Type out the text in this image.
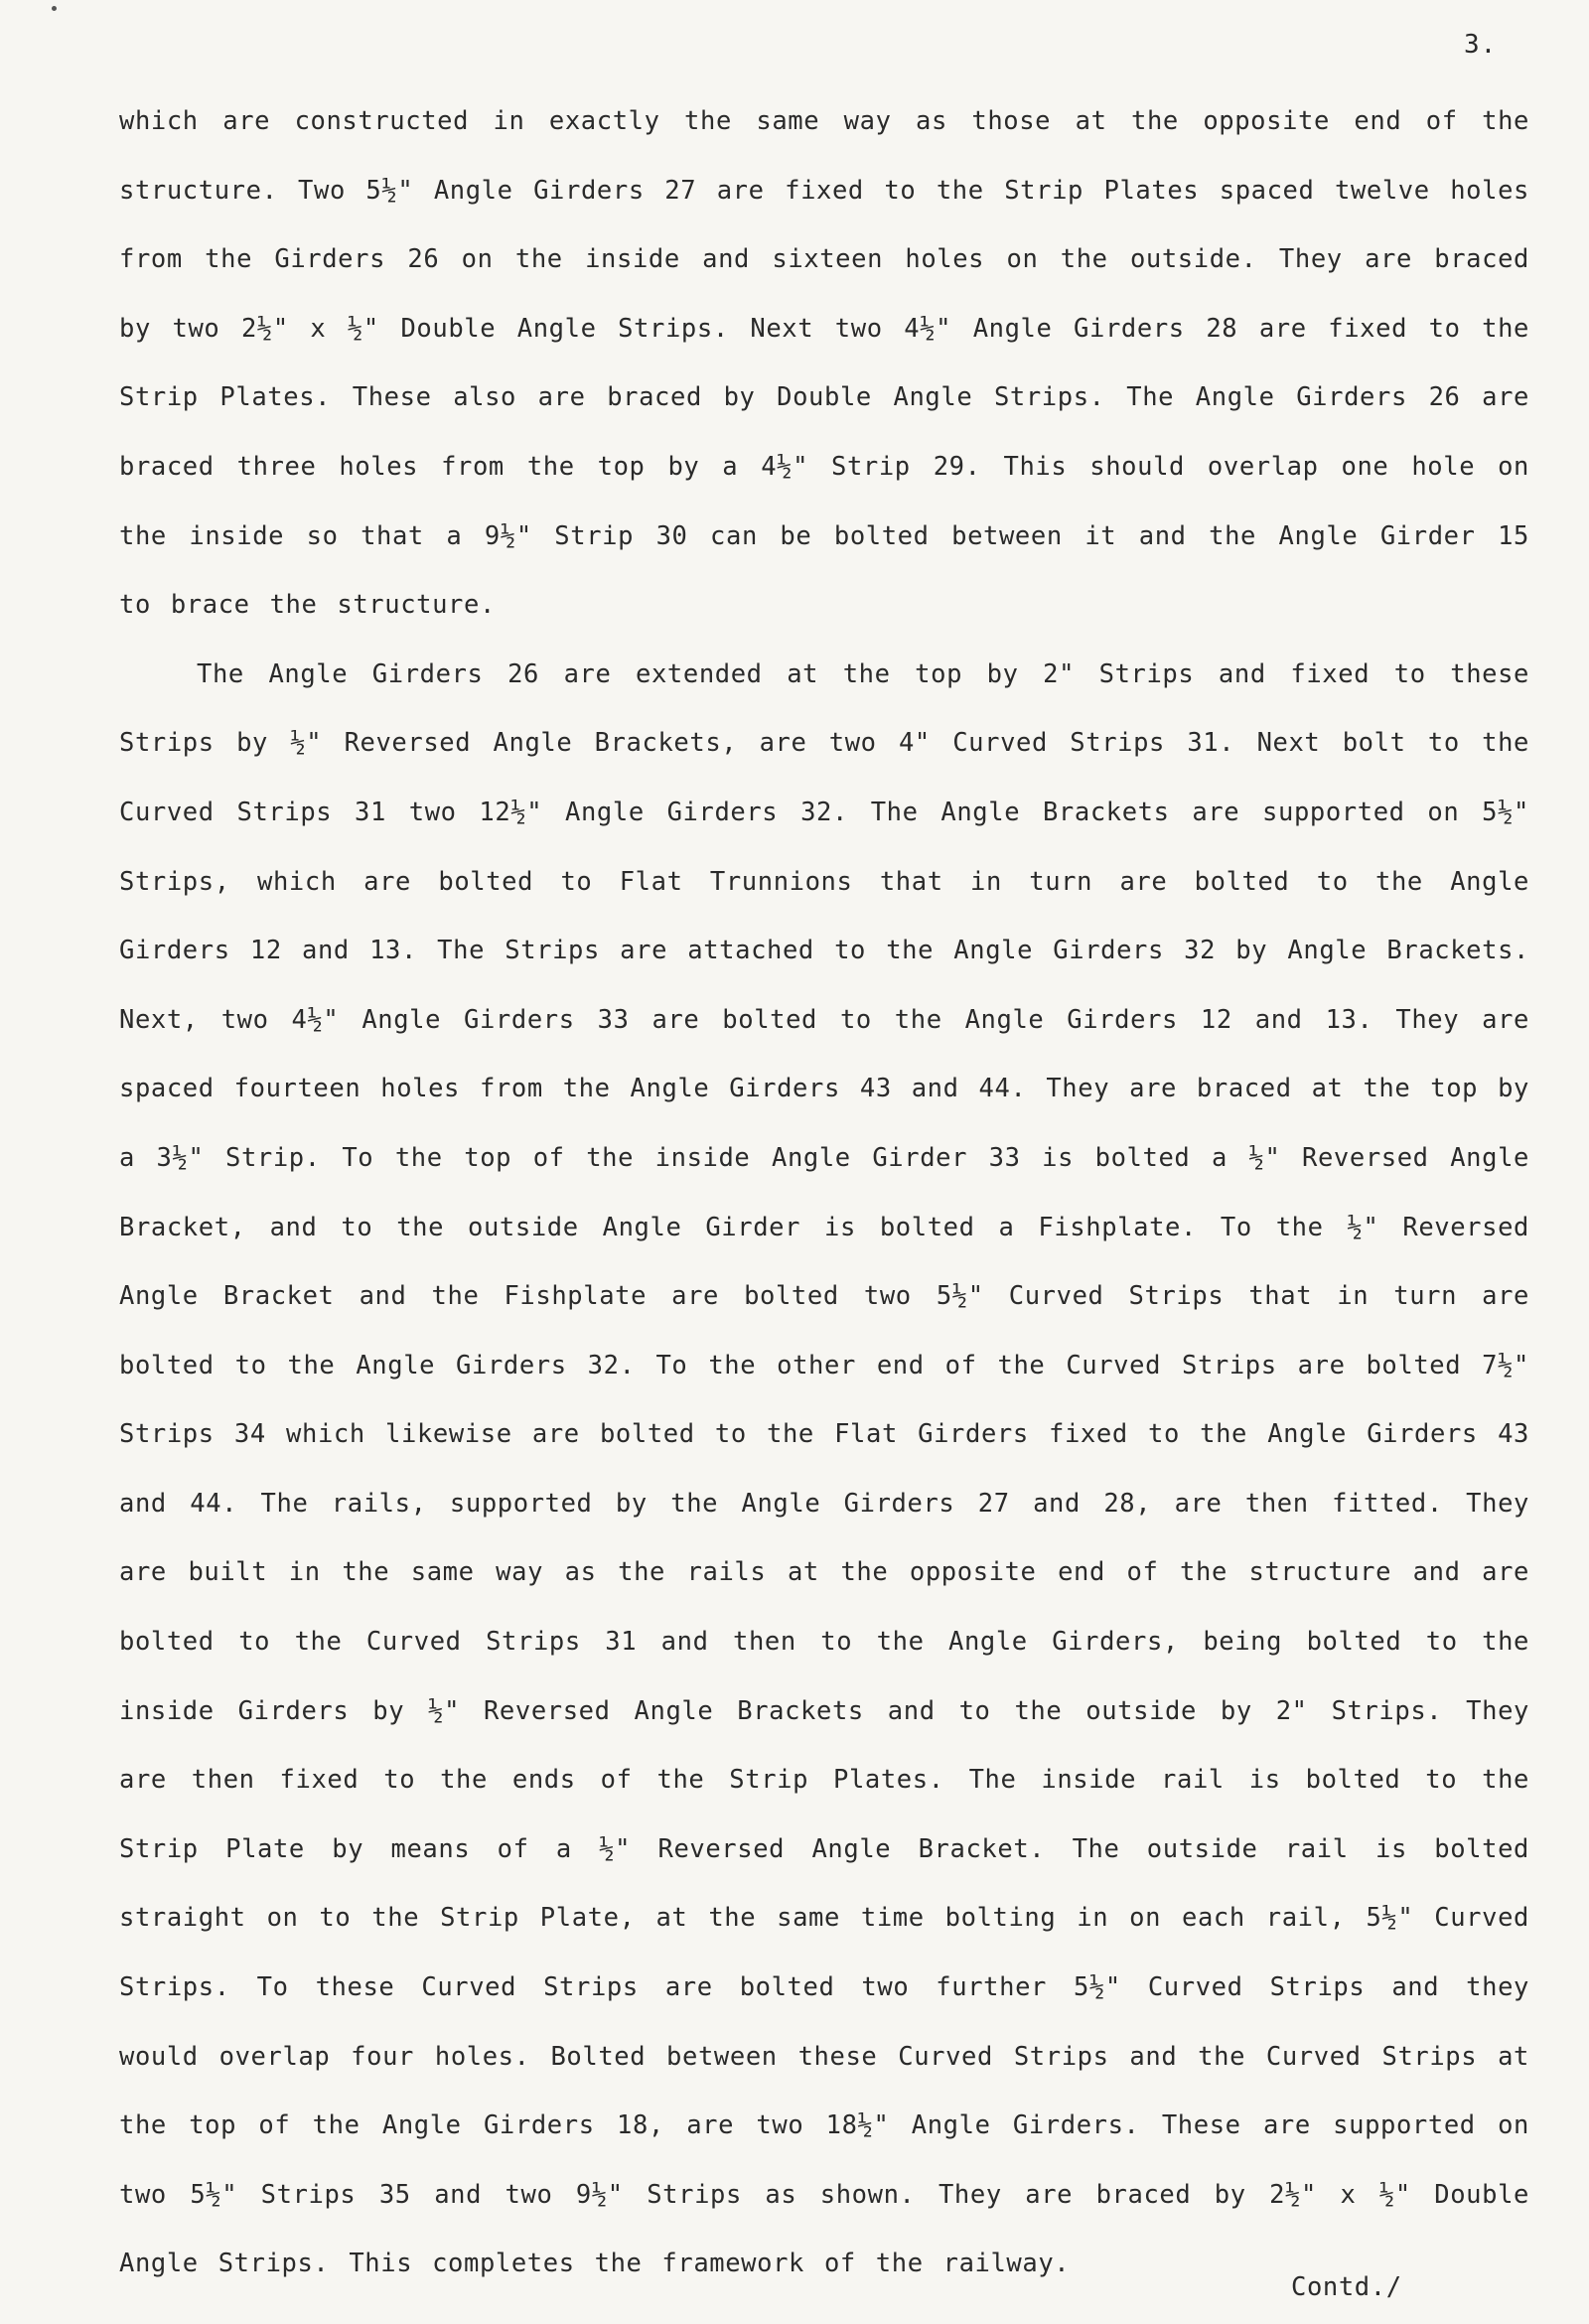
3.

which are constructed in exactly the same way as those at the opposite end of the structure. Two 5½" Angle Girders 27 are fixed to the Strip Plates spaced twelve holes from the Girders 26 on the inside and sixteen holes on the outside. They are braced by two 2½" x ½" Double Angle Strips. Next two 4½" Angle Girders 28 are fixed to the Strip Plates. These also are braced by Double Angle Strips. The Angle Girders 26 are braced three holes from the top by a 4½" Strip 29. This should overlap one hole on the inside so that a 9½" Strip 30 can be bolted between it and the Angle Girder 15 to brace the structure.

The Angle Girders 26 are extended at the top by 2" Strips and fixed to these Strips by ½" Reversed Angle Brackets, are two 4" Curved Strips 31. Next bolt to the Curved Strips 31 two 12½" Angle Girders 32. The Angle Brackets are supported on 5½" Strips, which are bolted to Flat Trunnions that in turn are bolted to the Angle Girders 12 and 13. The Strips are attached to the Angle Girders 32 by Angle Brackets. Next, two 4½" Angle Girders 33 are bolted to the Angle Girders 12 and 13. They are spaced fourteen holes from the Angle Girders 43 and 44. They are braced at the top by a 3½" Strip. To the top of the inside Angle Girder 33 is bolted a ½" Reversed Angle Bracket, and to the outside Angle Girder is bolted a Fishplate. To the ½" Reversed Angle Bracket and the Fishplate are bolted two 5½" Curved Strips that in turn are bolted to the Angle Girders 32. To the other end of the Curved Strips are bolted 7½" Strips 34 which likewise are bolted to the Flat Girders fixed to the Angle Girders 43 and 44. The rails, supported by the Angle Girders 27 and 28, are then fitted. They are built in the same way as the rails at the opposite end of the structure and are bolted to the Curved Strips 31 and then to the Angle Girders, being bolted to the inside Girders by ½" Reversed Angle Brackets and to the outside by 2" Strips. They are then fixed to the ends of the Strip Plates. The inside rail is bolted to the Strip Plate by means of a ½" Reversed Angle Bracket. The outside rail is bolted straight on to the Strip Plate, at the same time bolting in on each rail, 5½" Curved Strips. To these Curved Strips are bolted two further 5½" Curved Strips and they would overlap four holes. Bolted between these Curved Strips and the Curved Strips at the top of the Angle Girders 18, are two 18½" Angle Girders. These are supported on two 5½" Strips 35 and two 9½" Strips as shown. They are braced by 2½" x ½" Double Angle Strips. This completes the framework of the railway.

Contd./
